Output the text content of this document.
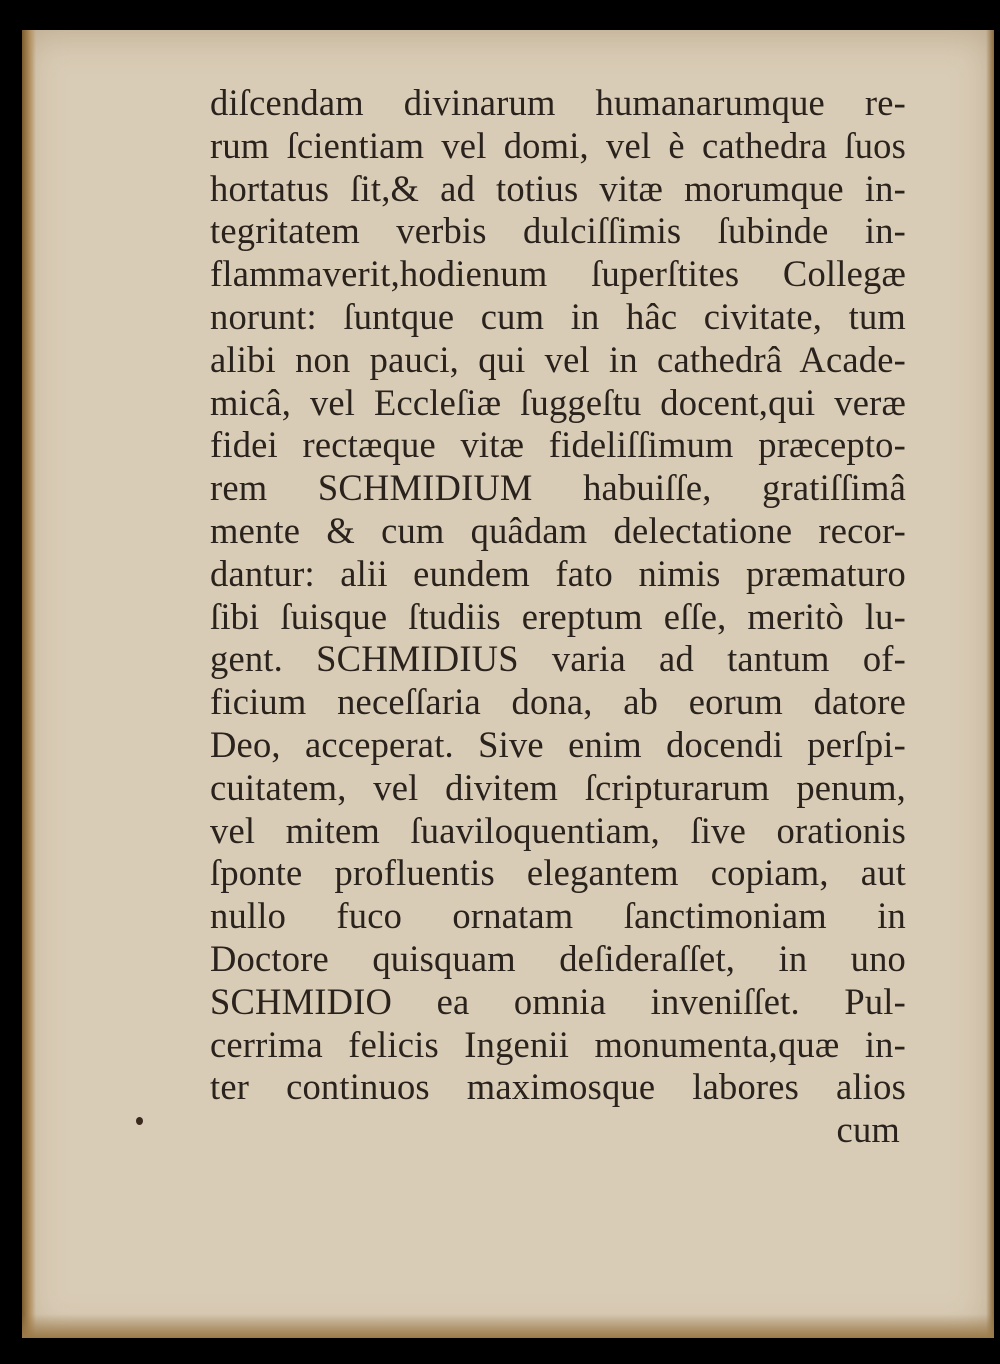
diſcendam divinarum humanarumque re-
rum ſcientiam vel domi, vel è cathedra ſuos
hortatus ſit,& ad totius vitæ morumque in-
tegritatem verbis dulciſſimis ſubinde in-
flammaverit,hodienum ſuperſtites Collegæ
norunt: ſuntque cum in hâc civitate, tum
alibi non pauci, qui vel in cathedrâ Acade-
micâ, vel Eccleſiæ ſuggeſtu docent,qui veræ
fidei rectæque vitæ fideliſſimum præcepto-
rem SCHMIDIUM habuiſſe, gratiſſimâ
mente & cum quâdam delectatione recor-
dantur: alii eundem fato nimis præmaturo
ſibi ſuisque ſtudiis ereptum eſſe, meritò lu-
gent. SCHMIDIUS varia ad tantum of-
ficium neceſſaria dona, ab eorum datore
Deo, acceperat. Sive enim docendi perſpi-
cuitatem, vel divitem ſcripturarum penum,
vel mitem ſuaviloquentiam, ſive orationis
ſponte profluentis elegantem copiam, aut
nullo fuco ornatam ſanctimoniam in
Doctore quisquam deſideraſſet, in uno
SCHMIDIO ea omnia inveniſſet. Pul-
cerrima felicis Ingenii monumenta,quæ in-
ter continuos maximosque labores alios
cum
